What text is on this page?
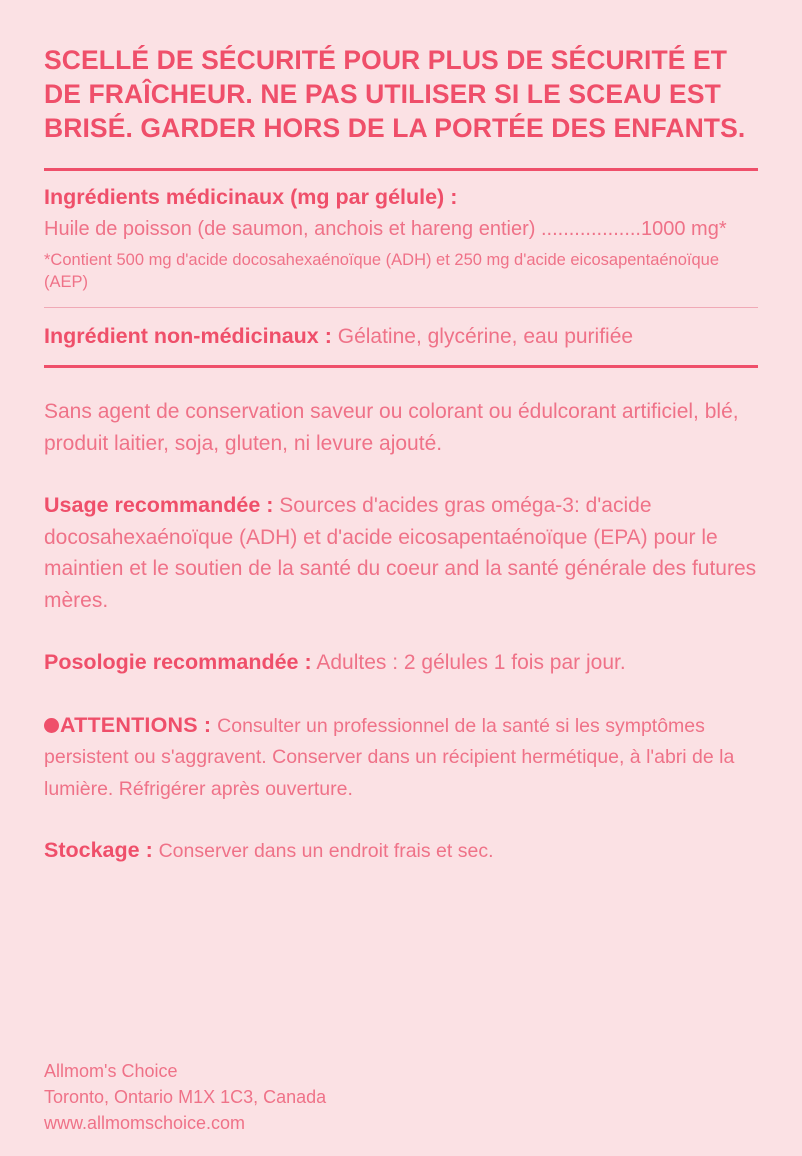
SCELLÉ DE SÉCURITÉ POUR PLUS DE SÉCURITÉ ET DE FRAÎCHEUR. NE PAS UTILISER SI LE SCEAU EST BRISÉ. GARDER HORS DE LA PORTÉE DES ENFANTS.

Ingrédients médicinaux (mg par gélule) :
Huile de poisson (de saumon, anchois et hareng entier) ..................1000 mg*
*Contient 500 mg d'acide docosahexaénoïque (ADH) et 250 mg d'acide eicosapentaénoïque (AEP)
Ingrédient non-médicinaux : Gélatine, glycérine, eau purifiée

Sans agent de conservation saveur ou colorant ou édulcorant artificiel, blé, produit laitier, soja, gluten, ni levure ajouté.

Usage recommandée : Sources d'acides gras oméga-3: d'acide docosahexaénoïque (ADH) et d'acide eicosapentaénoïque (EPA) pour le maintien et le soutien de la santé du coeur and la santé générale des futures mères.

Posologie recommandée : Adultes : 2 gélules 1 fois par jour.

ATTENTIONS : Consulter un professionnel de la santé si les symptômes persistent ou s'aggravent. Conserver dans un récipient hermétique, à l'abri de la lumière. Réfrigérer après ouverture.

Stockage : Conserver dans un endroit frais et sec.

Allmom's Choice
Toronto, Ontario M1X 1C3, Canada
www.allmomschoice.com
